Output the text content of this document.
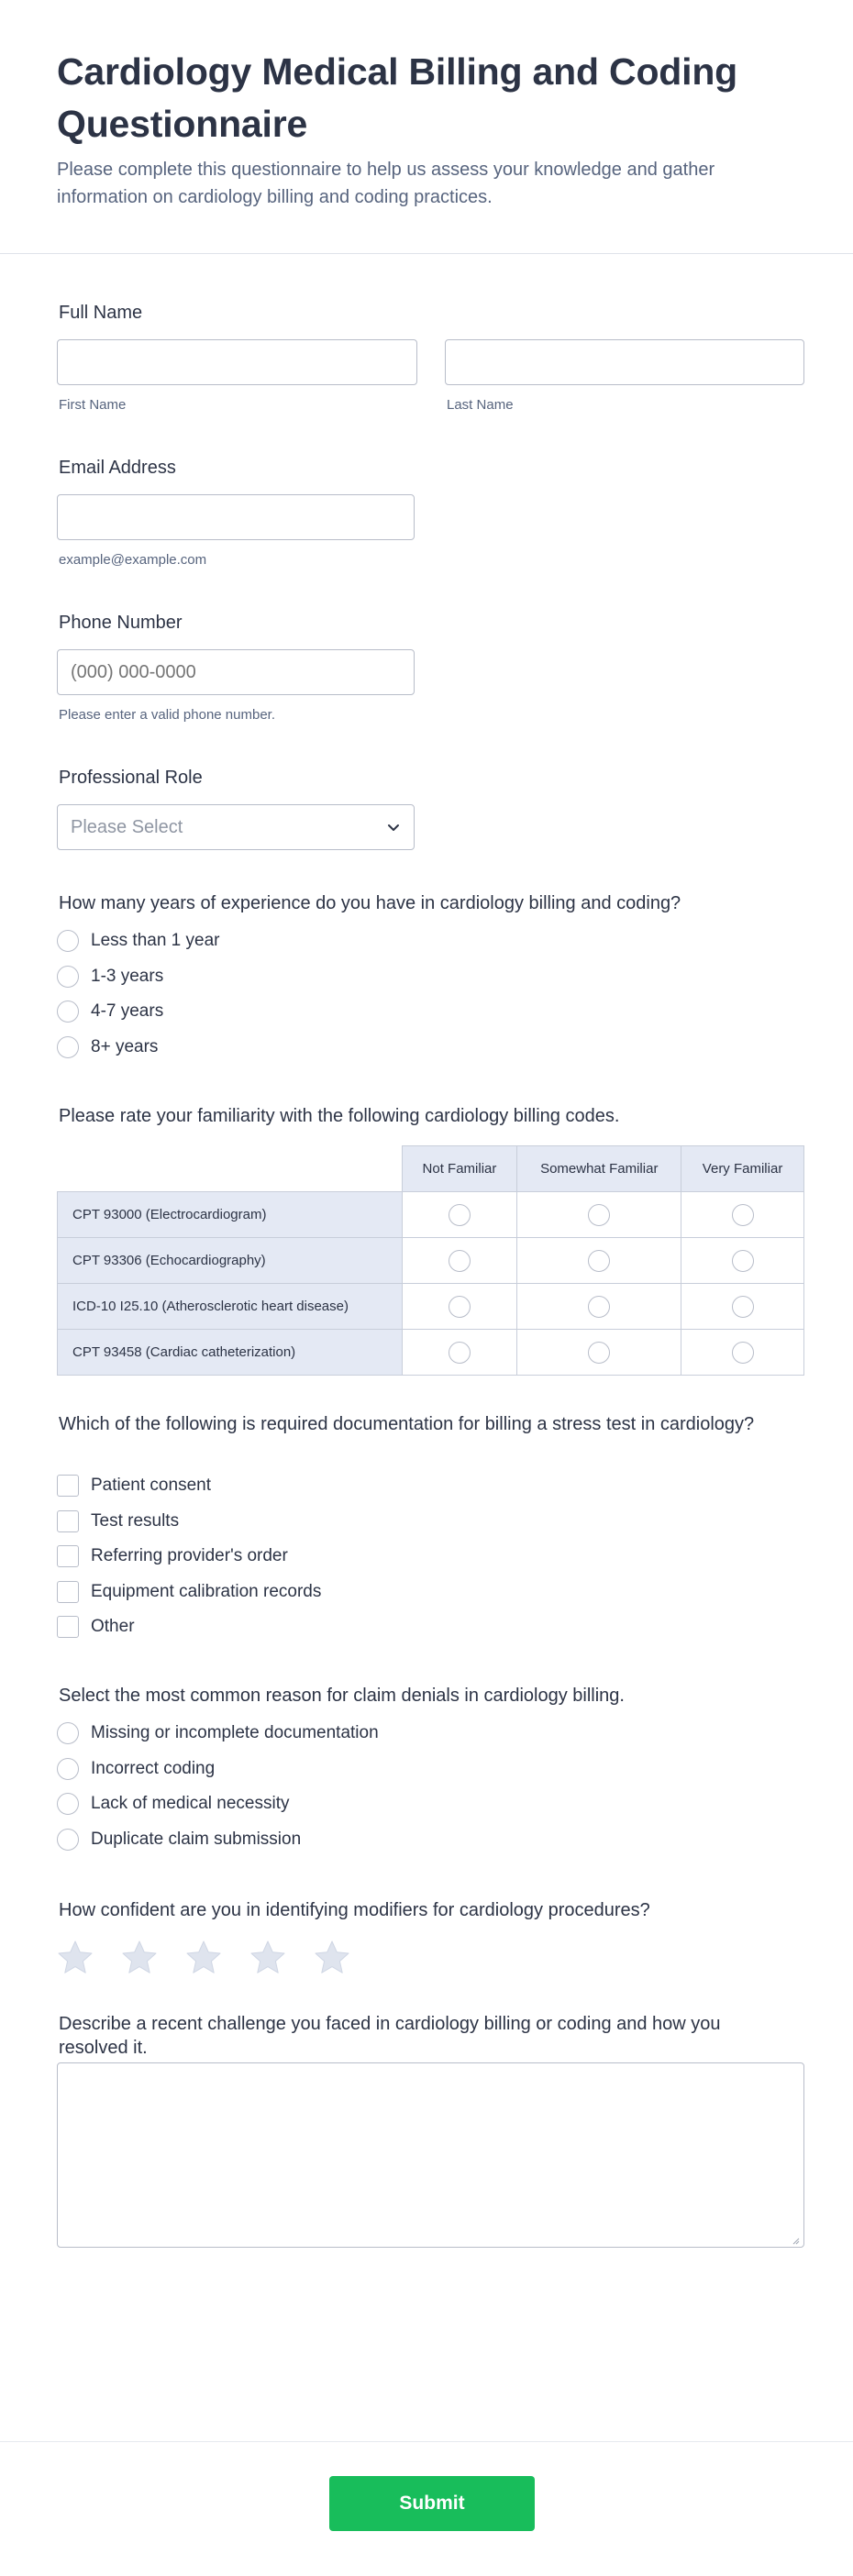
Cardiology Medical Billing and Coding Questionnaire

Please complete this questionnaire to help us assess your knowledge and gather information on cardiology billing and coding practices.

Full Name
First Name	Last Name
Email Address
example@example.com
Phone Number
(000) 000-0000
Please enter a valid phone number.
Professional Role
Please Select
How many years of experience do you have in cardiology billing and coding?
Less than 1 year
1-3 years
4-7 years
8+ years
Please rate your familiarity with the following cardiology billing codes.
	Not Familiar	Somewhat Familiar	Very Familiar
CPT 93000 (Electrocardiogram)			
CPT 93306 (Echocardiography)			
ICD-10 I25.10 (Atherosclerotic heart disease)			
CPT 93458 (Cardiac catheterization)			
Which of the following is required documentation for billing a stress test in cardiology?
Patient consent
Test results
Referring provider's order
Equipment calibration records
Other
Select the most common reason for claim denials in cardiology billing.
Missing or incomplete documentation
Incorrect coding
Lack of medical necessity
Duplicate claim submission
How confident are you in identifying modifiers for cardiology procedures?
Describe a recent challenge you faced in cardiology billing or coding and how you resolved it.
Submit
